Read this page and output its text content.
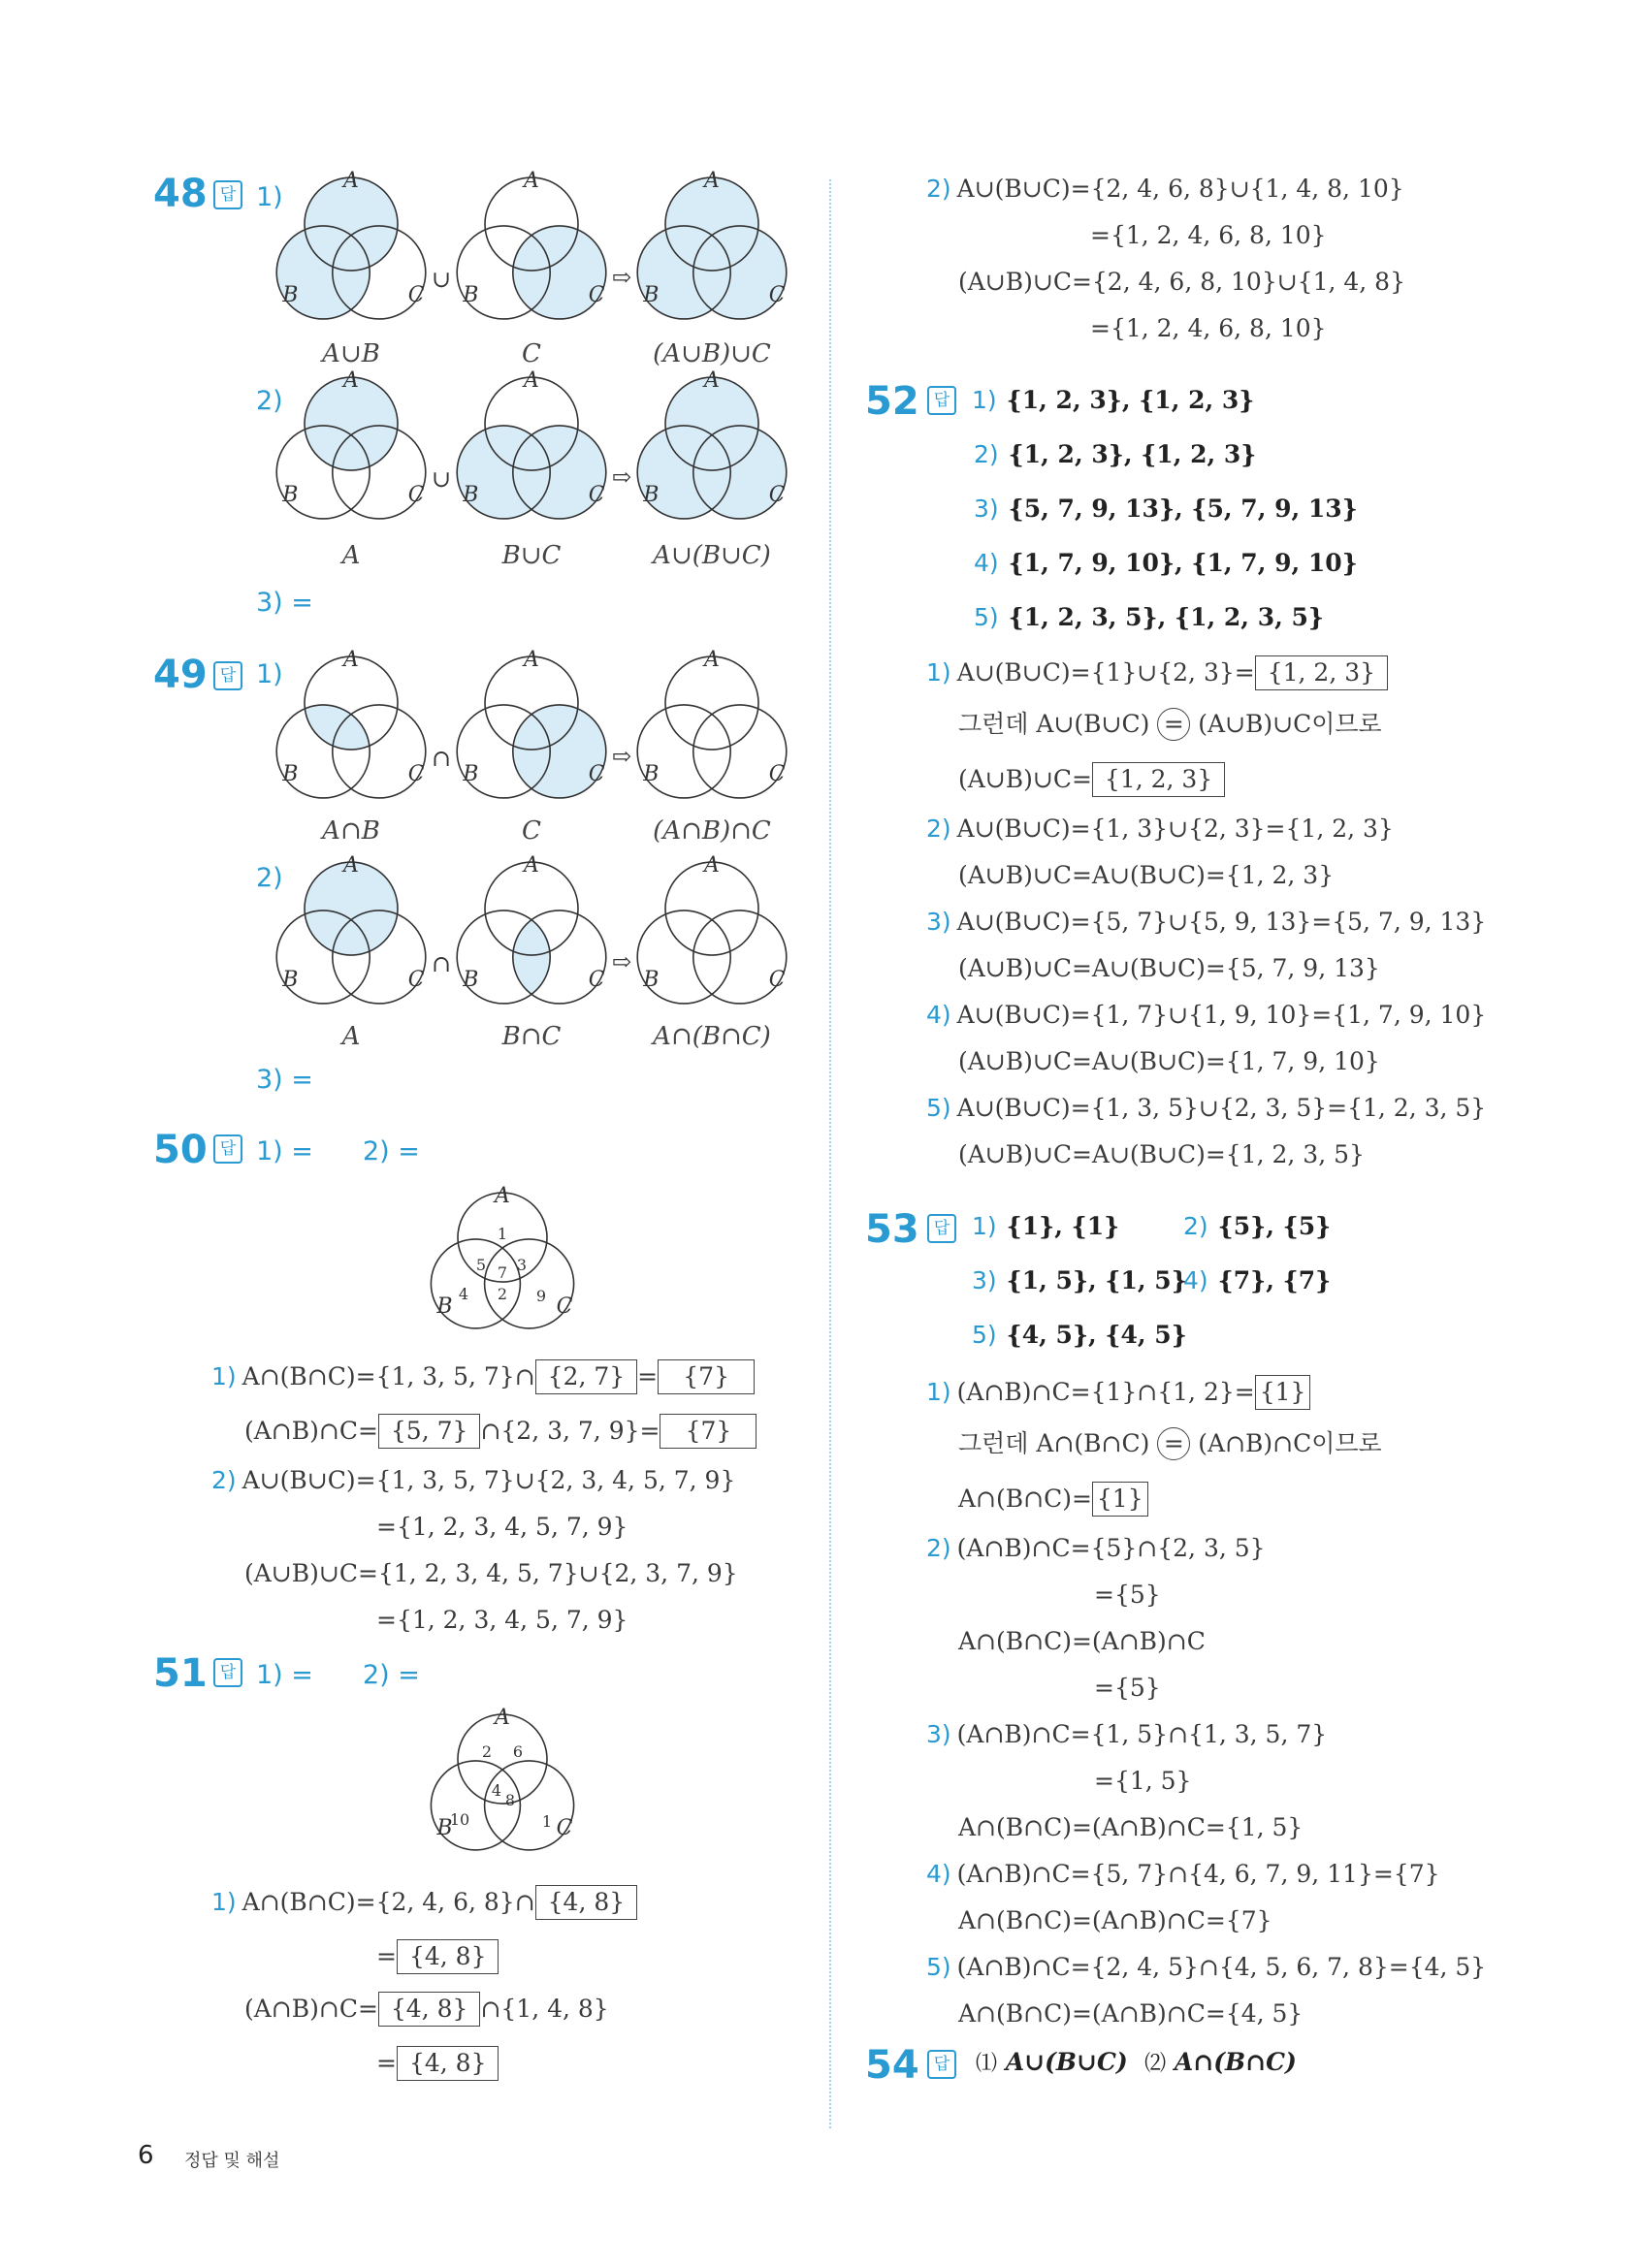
48 답 1)
2)
3) =
A
B	C
A
B	C
A
B	C
∪	⇨
A
B	C
A
B	C
A
B	C
∪	⇨
A
B	C
A
B	C
A
B	C
∩	⇨
A
B	C
A
B	C
A
B	C
∩	⇨
A
B	C
1
5 7 3
4 2 9
A
B	C
2 6
4
8
10	1
A∪B	C	(A∪B)∪C
A	B∪C	A∪(B∪C)
49 답 1)
2)
3) =
A∩B	C	(A∩B)∩C
A	B∩C	A∩(B∩C)
50 답 1) = 2) =
1) A∩(B∩C)={1, 3, 5, 7}∩ {2, 7} = {7}
(A∩B)∩C= {5, 7} ∩{2, 3, 7, 9}= {7}
2) A∪(B∪C)={1, 3, 5, 7}∪{2, 3, 4, 5, 7, 9}
={1, 2, 3, 4, 5, 7, 9}
(A∪B)∪C={1, 2, 3, 4, 5, 7}∪{2, 3, 7, 9}
={1, 2, 3, 4, 5, 7, 9}
51 답 1) = 2) =
1) A∩(B∩C)={2, 4, 6, 8}∩ {4, 8}
= {4, 8}
(A∩B)∩C= {4, 8} ∩{1, 4, 8}
= {4, 8}
6 정답 및 해설
2) A∪(B∪C)={2, 4, 6, 8}∪{1, 4, 8, 10}
={1, 2, 4, 6, 8, 10}
(A∪B)∪C={2, 4, 6, 8, 10}∪{1, 4, 8}
={1, 2, 4, 6, 8, 10}
52 답 1) {1, 2, 3}, {1, 2, 3}
2) {1, 2, 3}, {1, 2, 3}
3) {5, 7, 9, 13}, {5, 7, 9, 13}
4) {1, 7, 9, 10}, {1, 7, 9, 10}
5) {1, 2, 3, 5}, {1, 2, 3, 5}
1) A∪(B∪C)={1}∪{2, 3}= {1, 2, 3}
그런데 A∪(B∪C) = (A∪B)∪C이므로
(A∪B)∪C= {1, 2, 3}
2) A∪(B∪C)={1, 3}∪{2, 3}={1, 2, 3}
(A∪B)∪C=A∪(B∪C)={1, 2, 3}
3) A∪(B∪C)={5, 7}∪{5, 9, 13}={5, 7, 9, 13}
(A∪B)∪C=A∪(B∪C)={5, 7, 9, 13}
4) A∪(B∪C)={1, 7}∪{1, 9, 10}={1, 7, 9, 10}
(A∪B)∪C=A∪(B∪C)={1, 7, 9, 10}
5) A∪(B∪C)={1, 3, 5}∪{2, 3, 5}={1, 2, 3, 5}
(A∪B)∪C=A∪(B∪C)={1, 2, 3, 5}
53 답 1) {1}, {1}	2) {5}, {5}
3) {1, 5}, {1, 5}
4) {7}, {7}
5) {4, 5}, {4, 5}
1) (A∩B)∩C={1}∩{1, 2}= {1}
그런데 A∩(B∩C) = (A∩B)∩C이므로
A∩(B∩C)= {1}
2) (A∩B)∩C={5}∩{2, 3, 5}
={5}
A∩(B∩C)=(A∩B)∩C
={5}
3) (A∩B)∩C={1, 5}∩{1, 3, 5, 7}
={1, 5}
A∩(B∩C)=(A∩B)∩C={1, 5}
4) (A∩B)∩C={5, 7}∩{4, 6, 7, 9, 11}={7}
A∩(B∩C)=(A∩B)∩C={7}
5) (A∩B)∩C={2, 4, 5}∩{4, 5, 6, 7, 8}={4, 5}
A∩(B∩C)=(A∩B)∩C={4, 5}
54 답	⑴ A∪(B∪C) ⑵ A∩(B∩C)
